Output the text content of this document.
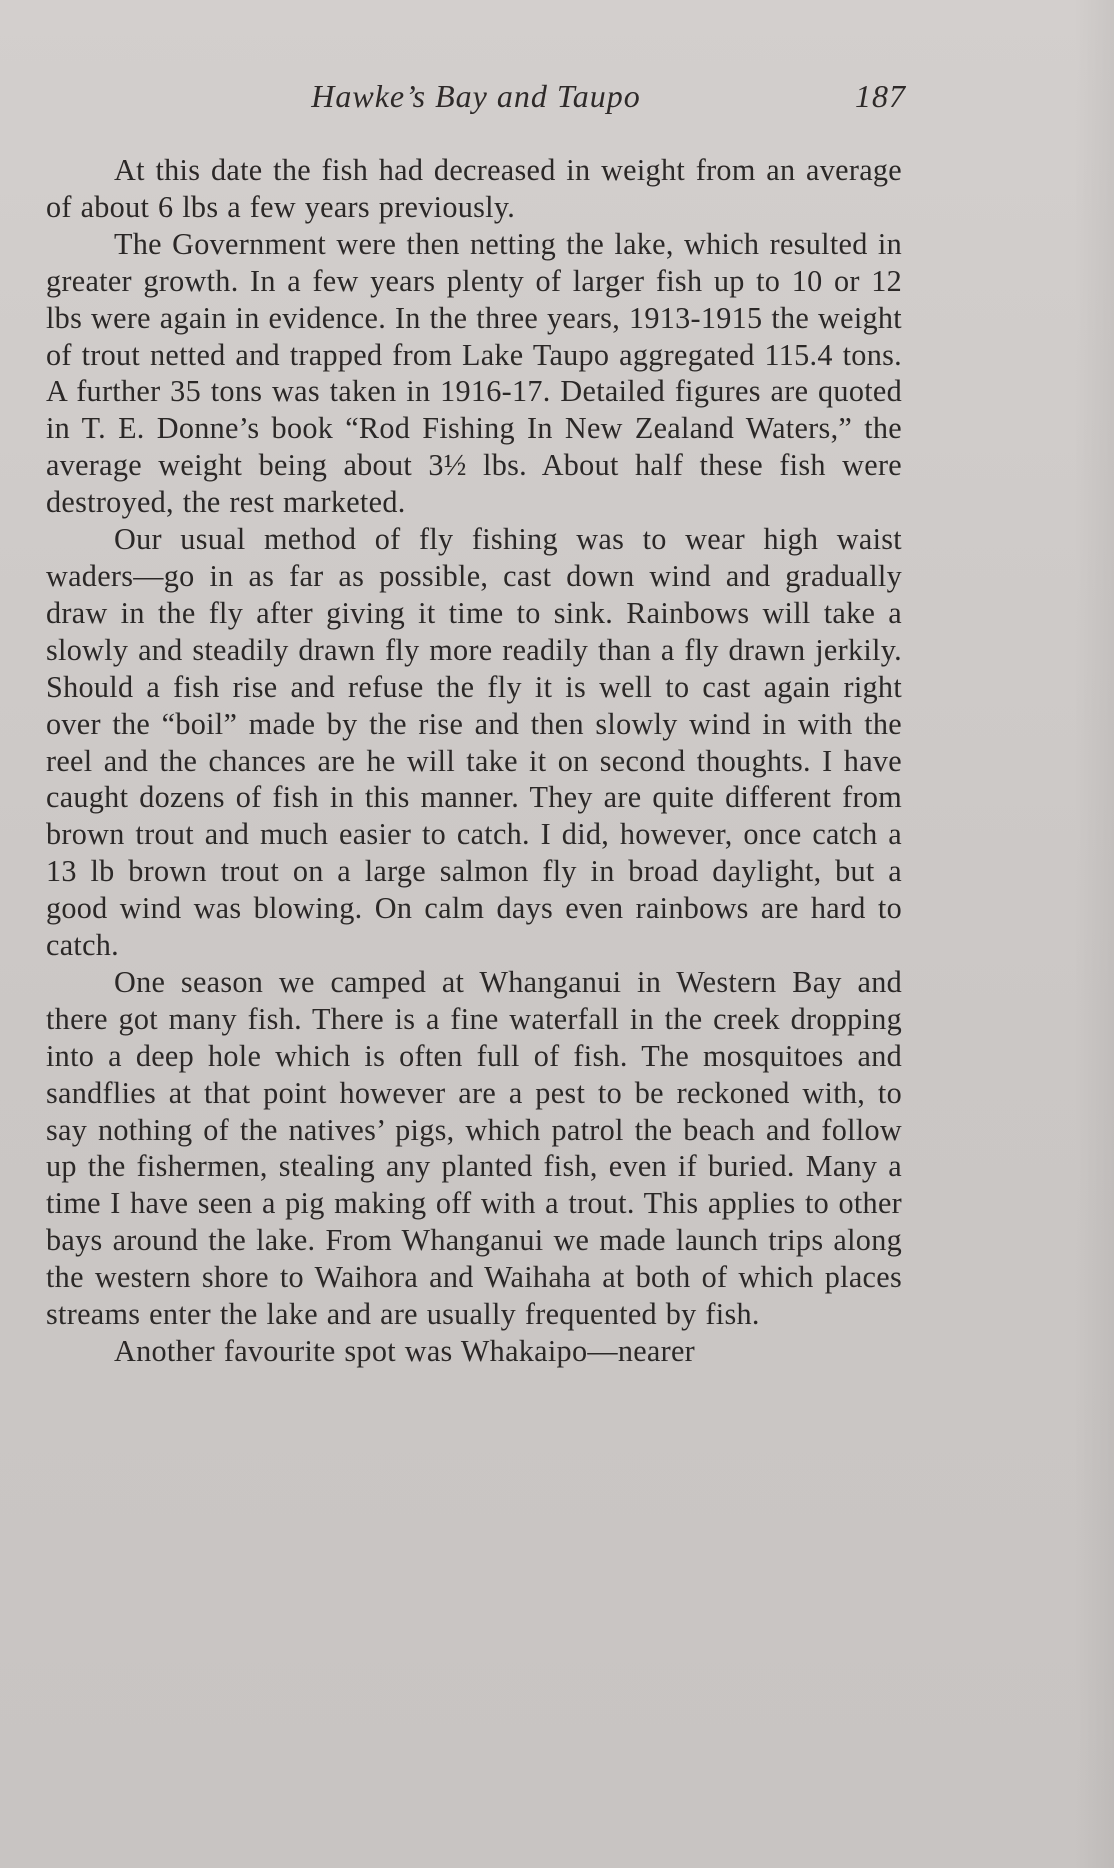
Hawke’s Bay and Taupo	187

At this date the fish had decreased in weight from an average of about 6 lbs a few years previously.

The Government were then netting the lake, which resulted in greater growth. In a few years plenty of larger fish up to 10 or 12 lbs were again in evidence. In the three years, 1913-1915 the weight of trout netted and trapped from Lake Taupo aggregated 115.4 tons. A further 35 tons was taken in 1916-17. Detailed figures are quoted in T. E. Donne’s book “Rod Fishing In New Zealand Waters,” the average weight being about 3½ lbs. About half these fish were destroyed, the rest marketed.

Our usual method of fly fishing was to wear high waist waders—go in as far as possible, cast down wind and gradually draw in the fly after giving it time to sink. Rainbows will take a slowly and steadily drawn fly more readily than a fly drawn jerkily. Should a fish rise and refuse the fly it is well to cast again right over the “boil” made by the rise and then slowly wind in with the reel and the chances are he will take it on second thoughts. I have caught dozens of fish in this manner. They are quite different from brown trout and much easier to catch. I did, however, once catch a 13 lb brown trout on a large salmon fly in broad daylight, but a good wind was blowing. On calm days even rainbows are hard to catch.

One season we camped at Whanganui in Western Bay and there got many fish. There is a fine waterfall in the creek dropping into a deep hole which is often full of fish. The mosquitoes and sandflies at that point however are a pest to be reckoned with, to say nothing of the natives’ pigs, which patrol the beach and follow up the fishermen, stealing any planted fish, even if buried. Many a time I have seen a pig making off with a trout. This applies to other bays around the lake. From Whanganui we made launch trips along the western shore to Waihora and Waihaha at both of which places streams enter the lake and are usually frequented by fish.

Another favourite spot was Whakaipo—nearer
